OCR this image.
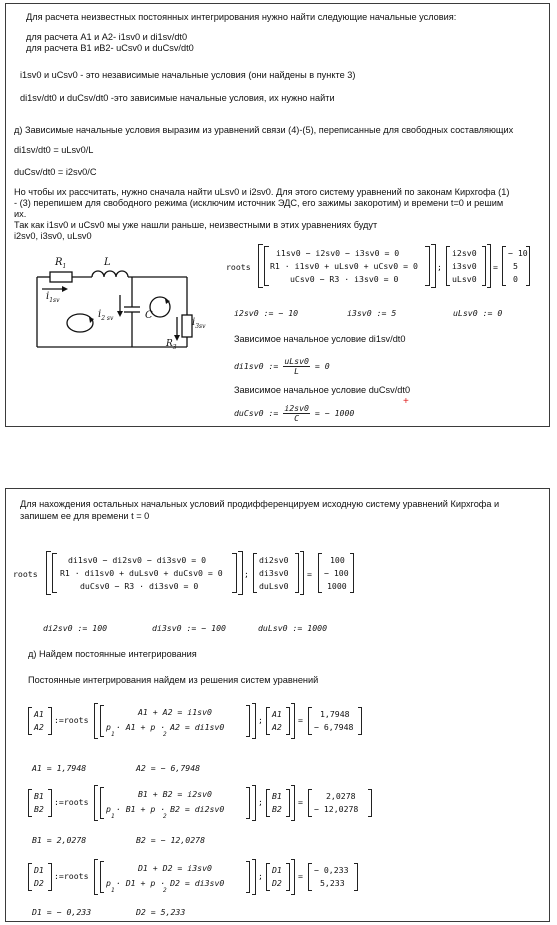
Для расчета неизвестных постоянных интегрирования нужно найти следующие начальные условия:
для расчета A1 и A2- i1sv0 и di1sv/dt0
для расчета B1 иB2- uCsv0 и duCsv/dt0
i1sv0 и uCsv0 - это независимые начальные условия (они найдены в пункте 3)
di1sv/dt0 и duCsv/dt0 -это зависимые начальные условия, их нужно найти
д) Зависимые начальные условия выразим из уравнений связи (4)-(5), переписанные для свободных составляющих
di1sv/dt0 = uLsv0/L
duCsv/dt0 = i2sv0/C
Но чтобы их рассчитать, нужно сначала найти uLsv0 и i2sv0. Для этого систему уравнений по законам Кирхгофа (1)
- (3) перепишем для свободного режима (исключим источник ЭДС, его зажимы закоротим) и времени t=0 и решим
их.
Так как i1sv0 и uCsv0 мы уже нашли раньше, неизвестными в этих уравнениях будут
i2sv0, i3sv0, uLsv0
$R_1$	L
$i_{1sv}$
$i_{2 sv}$	C
$i_{3sv}$
$R_3$
roots
i1sv0 − i2sv0 − i3sv0 = 0
R1 · i1sv0 + uLsv0 + uCsv0 = 0
uCsv0 − R3 · i3sv0 = 0
;
i2sv0
i3sv0
uLsv0
=
− 10
5
0
i2sv0 := − 10	i3sv0 := 5	uLsv0 := 0
Зависимое начальное условие di1sv/dt0
di1sv0 := $\frac{\text{uLsv0}}{L} = 0$
Зависимое начальное условие duCsv/dt0
+
duCsv0 := $\frac{i2sv0}{C}$ = − 1000
Для нахождения остальных начальных условий продифференцируем исходную систему уравнений Кирхгофа и
запишем ее для времени t = 0
roots
di1sv0 − di2sv0 − di3sv0 = 0
R1 · di1sv0 + duLsv0 + duCsv0 = 0
duCsv0 − R3 · di3sv0 = 0
;
di2sv0
di3sv0
duLsv0
=
100
− 100
1000
di2sv0 := 100	di3sv0 := − 100	duLsv0 := 1000
д) Найдем постоянные интегрирования
Постоянные интегрирования найдем из решения систем уравнений
A1
A2
:=roots
A1 + A2 = i1sv0
p · A1 + p · A2 = di1sv0
1	2
;
A1
A2
=
1,7948
− 6,7948
A1 = 1,7948	A2 = − 6,7948
B1
B2
:=roots
B1 + B2 = i2sv0
p · B1 + p · B2 = di2sv0
1	2
;
B1
B2
=
2,0278
− 12,0278
B1 = 2,0278	B2 = − 12,0278
D1
D2
:=roots
D1 + D2 = i3sv0
p · D1 + p · D2 = di3sv0
1	2
;
D1
D2
=
− 0,233
5,233
D1 = − 0,233	D2 = 5,233
